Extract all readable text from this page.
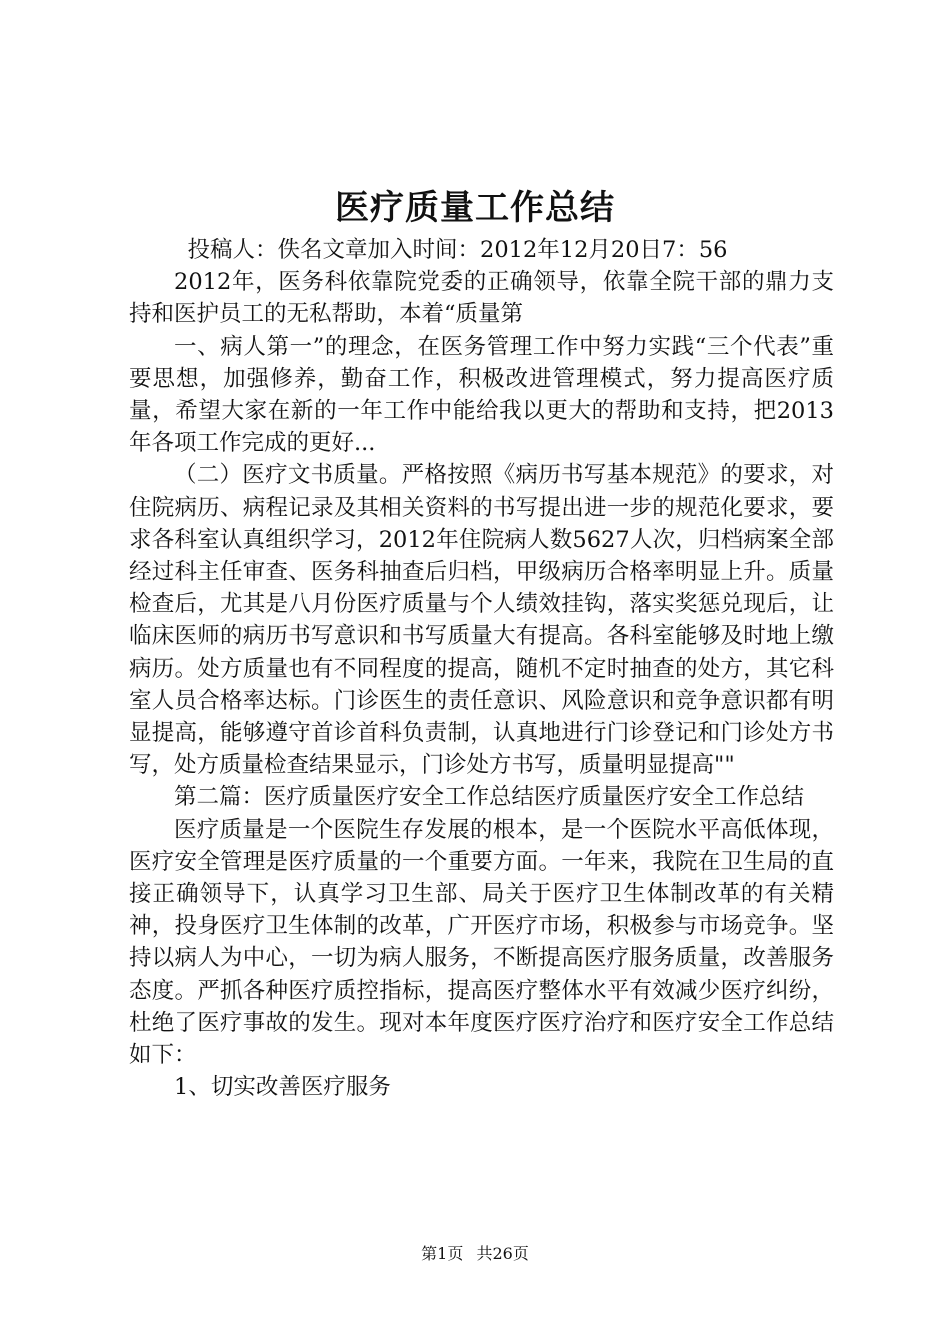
医疗质量工作总结

投稿人：佚名文章加入时间：2012年12月20日7：56

2012年，医务科依靠院党委的正确领导，依靠全院干部的鼎力支持和医护员工的无私帮助，本着“质量第

一、病人第一”的理念，在医务管理工作中努力实践“三个代表”重要思想，加强修养，勤奋工作，积极改进管理模式，努力提高医疗质量，希望大家在新的一年工作中能给我以更大的帮助和支持，把2013年各项工作完成的更好...

（二）医疗文书质量。严格按照《病历书写基本规范》的要求，对住院病历、病程记录及其相关资料的书写提出进一步的规范化要求，要求各科室认真组织学习，2012年住院病人数5627人次，归档病案全部经过科主任审查、医务科抽查后归档，甲级病历合格率明显上升。质量检查后，尤其是八月份医疗质量与个人绩效挂钩，落实奖惩兑现后，让临床医师的病历书写意识和书写质量大有提高。各科室能够及时地上缴病历。处方质量也有不同程度的提高，随机不定时抽查的处方，其它科室人员合格率达标。门诊医生的责任意识、风险意识和竞争意识都有明显提高，能够遵守首诊首科负责制，认真地进行门诊登记和门诊处方书写，处方质量检查结果显示，门诊处方书写，质量明显提高""

第二篇：医疗质量医疗安全工作总结医疗质量医疗安全工作总结

医疗质量是一个医院生存发展的根本，是一个医院水平高低体现，医疗安全管理是医疗质量的一个重要方面。一年来，我院在卫生局的直接正确领导下，认真学习卫生部、局关于医疗卫生体制改革的有关精神，投身医疗卫生体制的改革，广开医疗市场，积极参与市场竞争。坚持以病人为中心，一切为病人服务，不断提高医疗服务质量，改善服务态度。严抓各种医疗质控指标，提高医疗整体水平有效减少医疗纠纷，杜绝了医疗事故的发生。现对本年度医疗医疗治疗和医疗安全工作总结如下：

1、切实改善医疗服务

第1页 共26页
